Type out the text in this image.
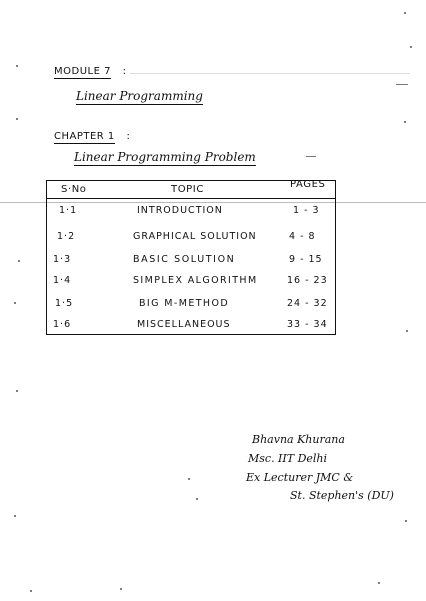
MODULE 7 :
Linear Programming
CHAPTER 1 :
Linear Programming Problem
S·No	TOPIC	PAGES
1·1	INTRODUCTION	1 - 3
1·2	GRAPHICAL SOLUTION	4 - 8
1·3	BASIC SOLUTION	9 - 15
1·4	SIMPLEX ALGORITHM	16 - 23
1·5	BIG M-METHOD	24 - 32
1·6	MISCELLANEOUS	33 - 34
Bhavna Khurana
Msc. IIT Delhi
Ex Lecturer JMC &
St. Stephen's (DU)
